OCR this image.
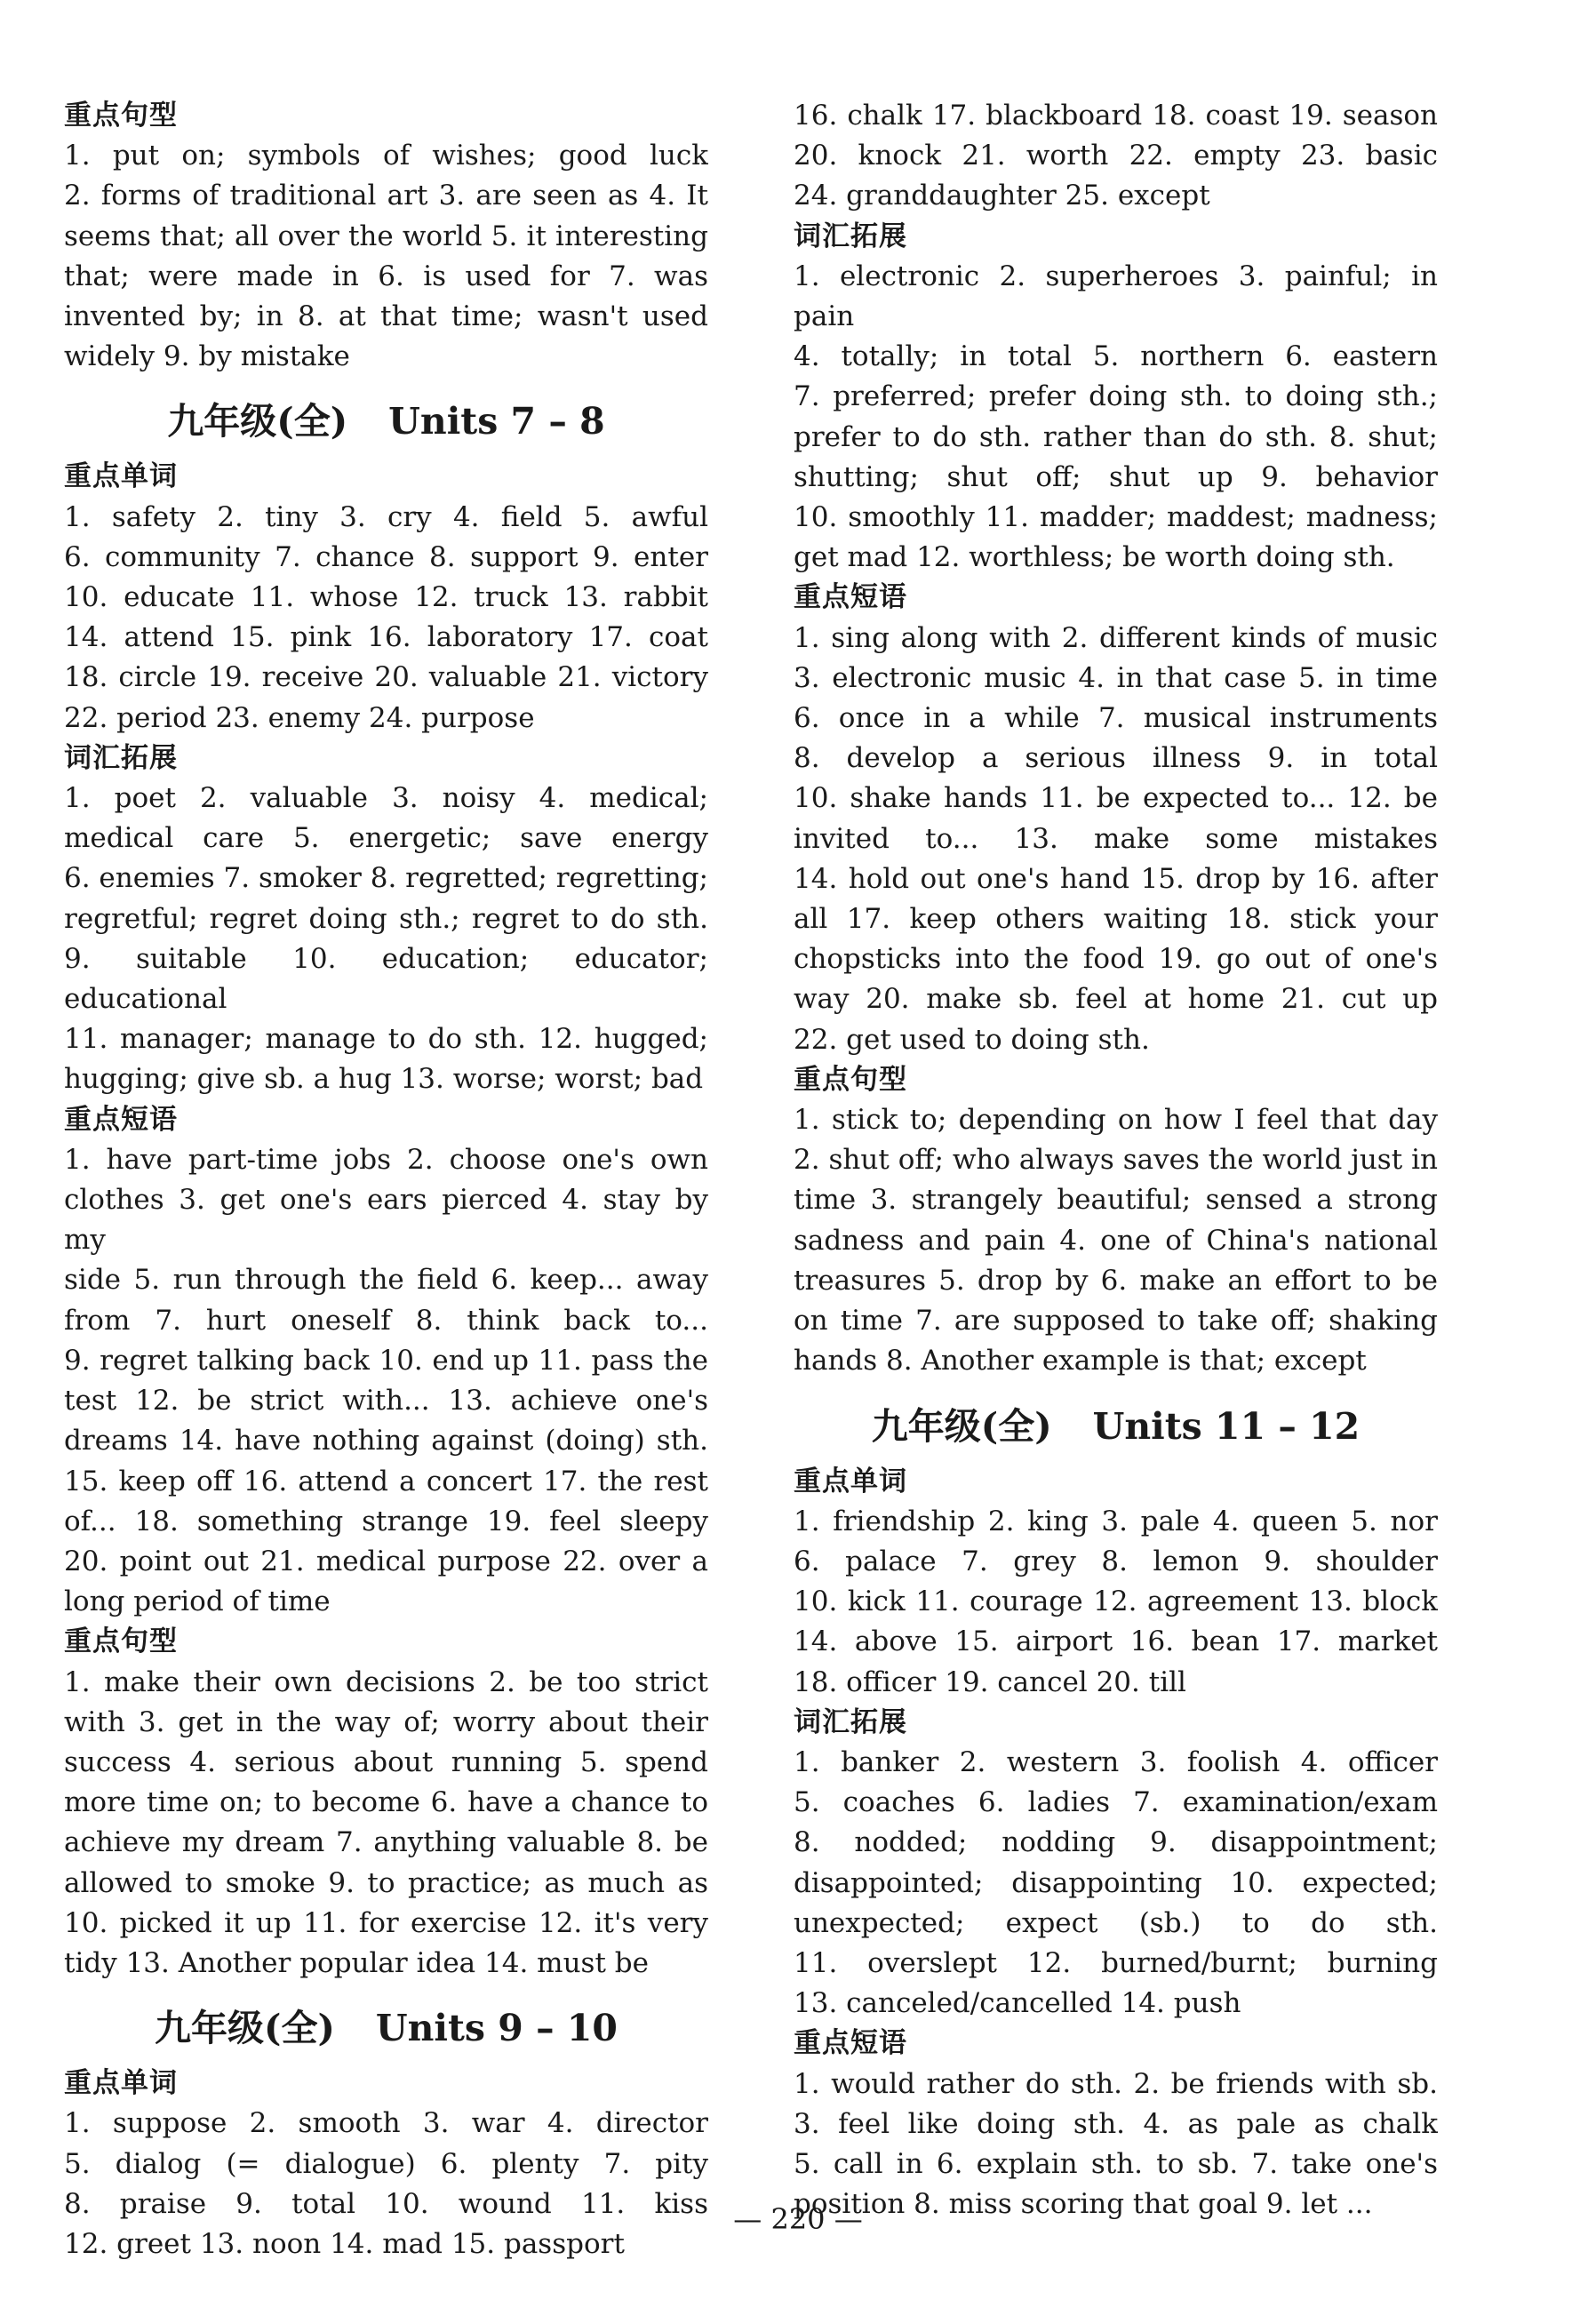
重点句型
1. put on; symbols of wishes; good luck
2. forms of traditional art 3. are seen as 4. It
seems that; all over the world 5. it interesting
that; were made in 6. is used for 7. was
invented by; in 8. at that time; wasn't used
widely 9. by mistake
九年级(全) Units 7 – 8
重点单词
1. safety 2. tiny 3. cry 4. field 5. awful
6. community 7. chance 8. support 9. enter
10. educate 11. whose 12. truck 13. rabbit
14. attend 15. pink 16. laboratory 17. coat
18. circle 19. receive 20. valuable 21. victory
22. period 23. enemy 24. purpose
词汇拓展
1. poet 2. valuable 3. noisy 4. medical;
medical care 5. energetic; save energy
6. enemies 7. smoker 8. regretted; regretting;
regretful; regret doing sth.; regret to do sth.
9. suitable 10. education; educator; educational
11. manager; manage to do sth. 12. hugged;
hugging; give sb. a hug 13. worse; worst; bad
重点短语
1. have part-time jobs 2. choose one's own
clothes 3. get one's ears pierced 4. stay by my
side 5. run through the field 6. keep... away
from 7. hurt oneself 8. think back to...
9. regret talking back 10. end up 11. pass the
test 12. be strict with... 13. achieve one's
dreams 14. have nothing against (doing) sth.
15. keep off 16. attend a concert 17. the rest
of... 18. something strange 19. feel sleepy
20. point out 21. medical purpose 22. over a
long period of time
重点句型
1. make their own decisions 2. be too strict
with 3. get in the way of; worry about their
success 4. serious about running 5. spend
more time on; to become 6. have a chance to
achieve my dream 7. anything valuable 8. be
allowed to smoke 9. to practice; as much as
10. picked it up 11. for exercise 12. it's very
tidy 13. Another popular idea 14. must be
九年级(全) Units 9 – 10
重点单词
1. suppose 2. smooth 3. war 4. director
5. dialog (= dialogue) 6. plenty 7. pity
8. praise 9. total 10. wound 11. kiss
12. greet 13. noon 14. mad 15. passport
16. chalk 17. blackboard 18. coast 19. season
20. knock 21. worth 22. empty 23. basic
24. granddaughter 25. except
词汇拓展
1. electronic 2. superheroes 3. painful; in pain
4. totally; in total 5. northern 6. eastern
7. preferred; prefer doing sth. to doing sth.;
prefer to do sth. rather than do sth. 8. shut;
shutting; shut off; shut up 9. behavior
10. smoothly 11. madder; maddest; madness;
get mad 12. worthless; be worth doing sth.
重点短语
1. sing along with 2. different kinds of music
3. electronic music 4. in that case 5. in time
6. once in a while 7. musical instruments
8. develop a serious illness 9. in total
10. shake hands 11. be expected to... 12. be
invited to... 13. make some mistakes
14. hold out one's hand 15. drop by 16. after
all 17. keep others waiting 18. stick your
chopsticks into the food 19. go out of one's
way 20. make sb. feel at home 21. cut up
22. get used to doing sth.
重点句型
1. stick to; depending on how I feel that day
2. shut off; who always saves the world just in
time 3. strangely beautiful; sensed a strong
sadness and pain 4. one of China's national
treasures 5. drop by 6. make an effort to be
on time 7. are supposed to take off; shaking
hands 8. Another example is that; except
九年级(全) Units 11 – 12
重点单词
1. friendship 2. king 3. pale 4. queen 5. nor
6. palace 7. grey 8. lemon 9. shoulder
10. kick 11. courage 12. agreement 13. block
14. above 15. airport 16. bean 17. market
18. officer 19. cancel 20. till
词汇拓展
1. banker 2. western 3. foolish 4. officer
5. coaches 6. ladies 7. examination/exam
8. nodded; nodding 9. disappointment;
disappointed; disappointing 10. expected;
unexpected; expect (sb.) to do sth.
11. overslept 12. burned/burnt; burning
13. canceled/cancelled 14. push
重点短语
1. would rather do sth. 2. be friends with sb.
3. feel like doing sth. 4. as pale as chalk
5. call in 6. explain sth. to sb. 7. take one's
position 8. miss scoring that goal 9. let ...
— 220 —
